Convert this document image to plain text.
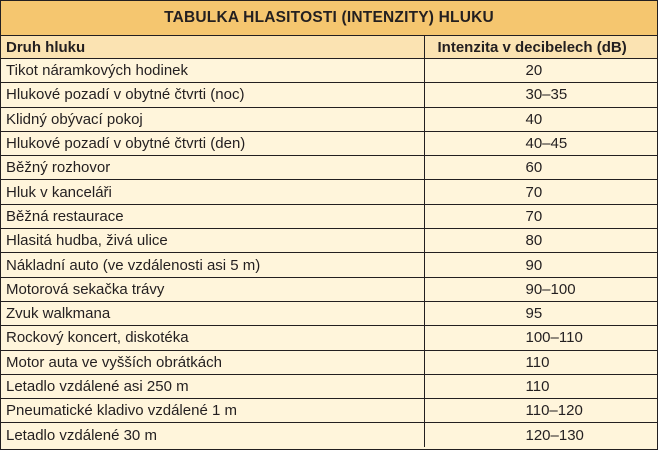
TABULKA HLASITOSTI (INTENZITY) HLUKU
Druh hluku	Intenzita v decibelech (dB)
Tikot náramkových hodinek	20
Hlukové pozadí v obytné čtvrti (noc)	30–35
Klidný obývací pokoj	40
Hlukové pozadí v obytné čtvrti (den)	40–45
Běžný rozhovor	60
Hluk v kanceláři	70
Běžná restaurace	70
Hlasitá hudba, živá ulice	80
Nákladní auto (ve vzdálenosti asi 5 m)	90
Motorová sekačka trávy	90–100
Zvuk walkmana	95
Rockový koncert, diskotéka	100–110
Motor auta ve vyšších obrátkách	110
Letadlo vzdálené asi 250 m	110
Pneumatické kladivo vzdálené 1 m	110–120
Letadlo vzdálené 30 m	120–130
